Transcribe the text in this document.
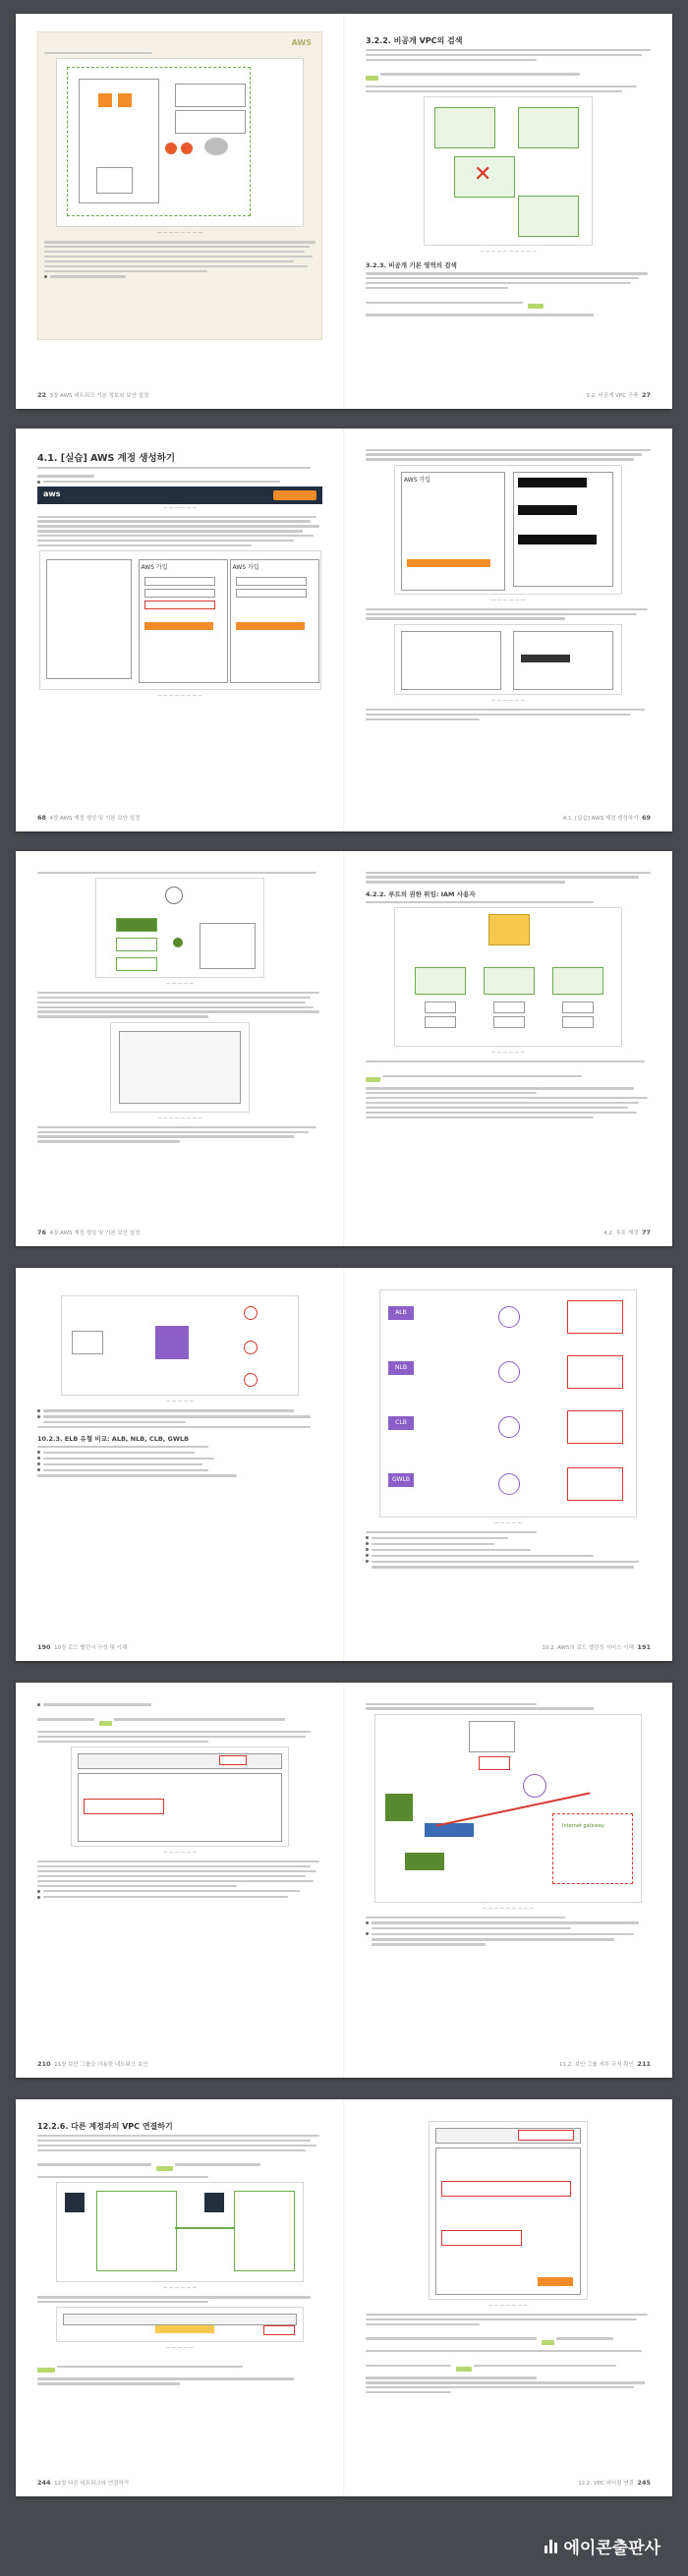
AWS
— — — — — — — —
22 3장 AWS 네트워크 기본 정보와 보안 설정
3.2.2. 비공개 VPC의 검색

✕
— — — — — — — — — —
3.2.3. 비공개 기본 영역의 검색

3.2. 비공개 VPC 구축 27
4.1. [실습] AWS 계정 생성하기
aws
— — — — — —
AWS 가입	AWS 가입
— — — — — — — —
68 4장 AWS 계정 생성 및 기본 보안 설정
AWS 가입
— — — — — —
— — — — — —
4.1. [실습] AWS 계정 생성하기 69
— — — — —
— — — — — — — —
76 4장 AWS 계정 생성 및 기본 보안 설정
4.2.2. 루트의 권한 위임: IAM 사용자
— — — — — —

4.2. 루트 계정 77
— — — — —
10.2.3. ELB 유형 비교: ALB, NLB, CLB, GWLB
190 10장 로드 밸런서 구성 및 이해
ALB
NLB
CLB
GWLB
— — — — —
10.2. AWS의 로드 밸런싱 서비스 이해 191

— — — — — —
210 11장 보안 그룹을 이용한 네트워크 보안
Internet gateway
— — — — — — — — —
11.2. 보안 그룹 세부 규칙 확인 211
12.2.6. 다른 계정과의 VPC 연결하기

— — — — — —
— — — — —

244 12장 다른 네트워크와 연결하기
— — — — — — —

12.2. VPC 피어링 연결 245
에이콘출판사
